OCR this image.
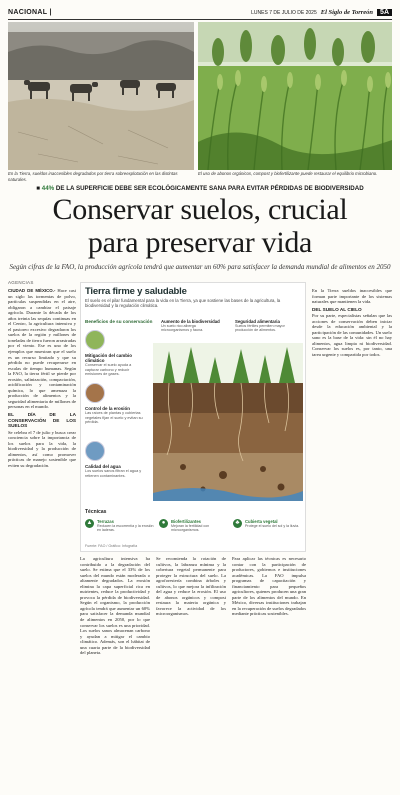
NACIONAL |	LUNES 7 DE JULIO DE 2025 El Siglo de Torreón	5A
En la Tierra, sueldos inaccesibles degradados por tierra sobreexplotación en las distintas naturales.
El uso de abonos orgánicos, compost y biofertilizante puede restaurar el equilibrio microbiano.
■ 44% DE LA SUPERFICIE DEBE SER ECOLÓGICAMENTE SANA PARA EVITAR PÉRDIDAS DE BIODIVERSIDAD
Conservar suelos, crucial
para preservar vida
Según cifras de la FAO, la producción agrícola tendrá que aumentar un 60% para satisfacer la demanda mundial de alimentos en 2050
AGENCIAS

CIUDAD DE MÉXICO.- Hace casi un siglo las tormentas de polvo, partículas suspendidas en el aire, obligaron a cambiar el paisaje agrícola. Durante la década de los años treinta las sequías continuas en el Centro, la agricultura intensiva y el pastoreo excesivo degradaron los suelos de la región y millones de toneladas de tierra fueron arrastradas por el viento. Ese es uno de los ejemplos que muestran que el suelo es un recurso limitado y que su pérdida no puede recuperarse en escalas de tiempo humanas. Según la FAO, la tierra fértil se pierde por erosión, salinización, compactación, acidificación y contaminación química, lo que amenaza la producción de alimentos y la seguridad alimentaria de millones de personas en el mundo.

EL DÍA DE LA CONSERVACIÓN DE LOS SUELOS

Se celebra el 7 de julio y busca crear conciencia sobre la importancia de los suelos para la vida, la biodiversidad y la producción de alimentos, así como promover prácticas de manejo sostenible que eviten su degradación.

Tierra firme y saludable
El suelo es el pilar fundamental para la vida en la Tierra, ya que sostiene las bases de la agricultura, la biodiversidad y la regulación climática.
Beneficios de su conservación
Mitigación del cambio climático
Conservar el suelo ayuda a capturar carbono y reducir emisiones de gases.
Control de la erosión
Las raíces de plantas y cubiertas vegetales fijan el suelo y evitan su pérdida.
Calidad del agua
Los suelos sanos filtran el agua y retienen contaminantes.
Aumento de la biodiversidad
Un suelo rico alberga microorganismos y fauna.
Seguridad alimentaria
Suelos fértiles permiten mayor producción de alimentos.
Técnicas
▲	Terrazas
Reducen la escorrentía y la erosión en laderas.
●	Biofertilizantes
Mejoran la fertilidad con microorganismos.
♣	Cubierta vegetal
Protege el suelo del sol y la lluvia.
Fuente: FAO / Gráfico: Infografía

La agricultura intensiva ha contribuido a la degradación del suelo. Se estima que el 33% de los suelos del mundo están moderada o altamente degradados. La erosión elimina la capa superficial rica en nutrientes, reduce la productividad y provoca la pérdida de biodiversidad. Según el organismo, la producción agrícola tendrá que aumentar un 60% para satisfacer la demanda mundial de alimentos en 2050, por lo que conservar los suelos es una prioridad. Los suelos sanos almacenan carbono y ayudan a mitigar el cambio climático. Además, son el hábitat de una cuarta parte de la biodiversidad del planeta.

Se recomienda la rotación de cultivos, la labranza mínima y la cobertura vegetal permanente para proteger la estructura del suelo. La agroforestería combina árboles y cultivos, lo que mejora la infiltración del agua y reduce la erosión. El uso de abonos orgánicos y compost restaura la materia orgánica y favorece la actividad de los microorganismos.

Para aplicar las técnicas es necesario contar con la participación de productores, gobiernos e instituciones académicas. La FAO impulsa programas de capacitación y financiamiento para pequeños agricultores, quienes producen una gran parte de los alimentos del mundo. En México, diversas instituciones trabajan en la recuperación de suelos degradados mediante prácticas sostenibles.

En la Tierra sueldos inaccesibles que forman parte importante de los sistemas naturales que mantienen la vida.

DEL SUELO AL CIELO

Por su parte, especialistas señalan que las acciones de conservación deben iniciar desde la educación ambiental y la participación de las comunidades. Un suelo sano es la base de la vida: sin él no hay alimentos, agua limpia ni biodiversidad. Conservar los suelos es, por tanto, una tarea urgente y compartida por todos.
